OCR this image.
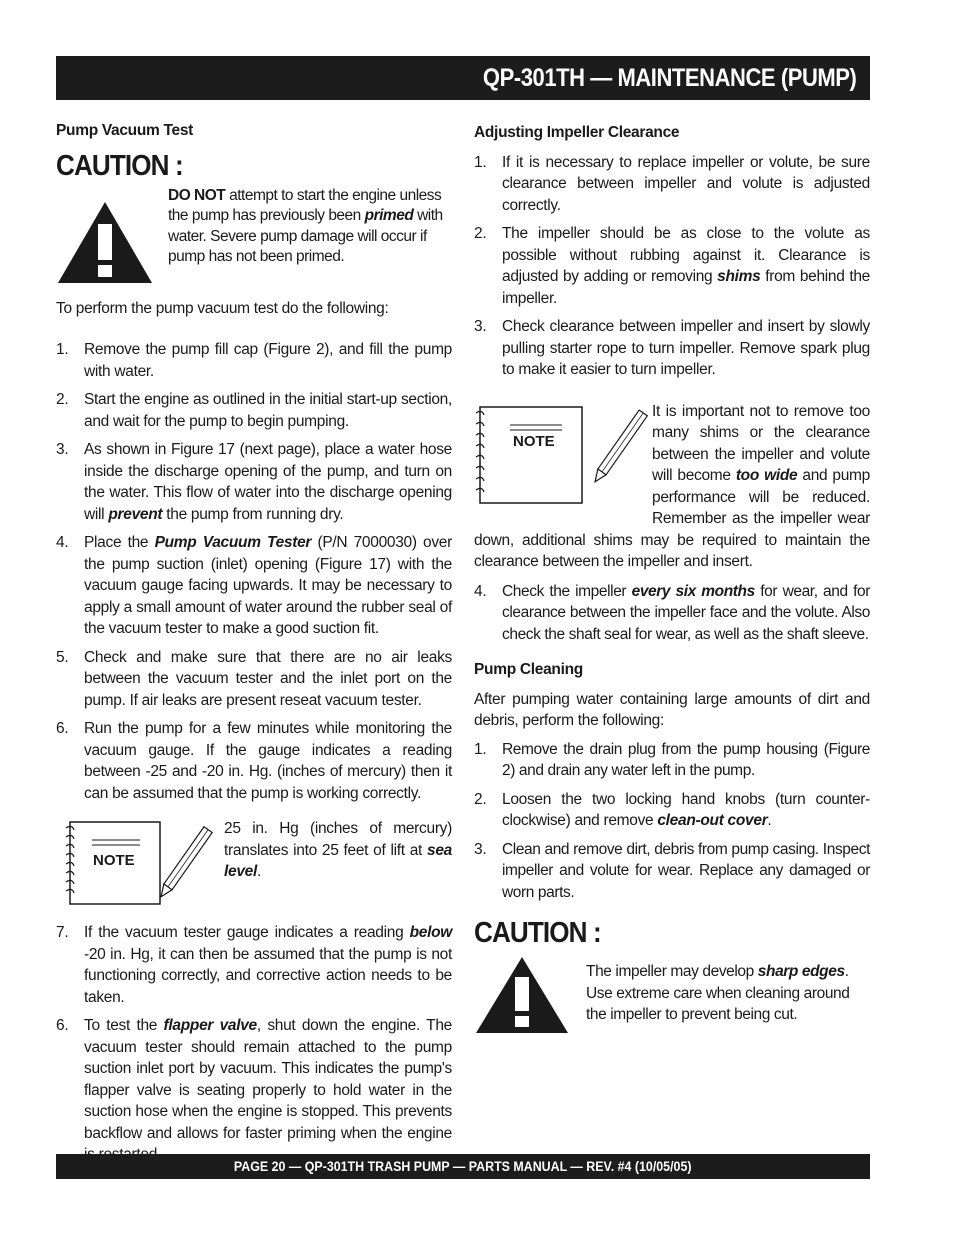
QP-301TH — MAINTENANCE (PUMP)
Pump Vacuum Test
CAUTION :
DO NOT attempt to start the engine unless the pump has previously been primed with water. Severe pump damage will occur if pump has not been primed.
To perform the pump vacuum test do the following:
1.	Remove the pump fill cap (Figure 2), and fill the pump with water.
2.	Start the engine as outlined in the initial start-up section, and wait for the pump to begin pumping.
3.	As shown in Figure 17 (next page), place a water hose inside the discharge opening of the pump, and turn on the water. This flow of water into the discharge opening will prevent the pump from running dry.
4.	Place the Pump Vacuum Tester (P/N 7000030) over the pump suction (inlet) opening (Figure 17) with the vacuum gauge facing upwards. It may be necessary to apply a small amount of water around the rubber seal of the vacuum tester to make a good suction fit.
5.	Check and make sure that there are no air leaks between the vacuum tester and the inlet port on the pump. If air leaks are present reseat vacuum tester.
6.	Run the pump for a few minutes while monitoring the vacuum gauge. If the gauge indicates a reading between -25 and -20 in. Hg. (inches of mercury) then it can be assumed that the pump is working correctly.
NOTE
25 in. Hg (inches of mercury) translates into 25 feet of lift at sea level.
7.	If the vacuum tester gauge indicates a reading below -20 in. Hg, it can then be assumed that the pump is not functioning correctly, and corrective action needs to be taken.
6.	To test the flapper valve, shut down the engine. The vacuum tester should remain attached to the pump suction inlet port by vacuum. This indicates the pump's flapper valve is seating properly to hold water in the suction hose when the engine is stopped. This prevents backflow and allows for faster priming when the engine
Adjusting Impeller Clearance
1.	If it is necessary to replace impeller or volute, be sure clearance between impeller and volute is adjusted correctly.
2.	The impeller should be as close to the volute as possible without rubbing against it. Clearance is adjusted by adding or removing shims from behind the impeller.
3.	Check clearance between impeller and insert by slowly pulling starter rope to turn impeller. Remove spark plug to make it easier to turn impeller.
NOTE
It is important not to remove too many shims or the clearance between the impeller and volute will become too wide and pump performance will be reduced. Remember as the impeller wear down, additional shims may be required to maintain the clearance between the impeller and insert.
4.	Check the impeller every six months for wear, and for clearance between the impeller face and the volute. Also check the shaft seal for wear, as well as the shaft sleeve.
Pump Cleaning
After pumping water containing large amounts of dirt and debris, perform the following:
1.	Remove the drain plug from the pump housing (Figure 2) and drain any water left in the pump.
2.	Loosen the two locking hand knobs (turn counter-clockwise) and remove clean-out cover.
3.	Clean and remove dirt, debris from pump casing. Inspect impeller and volute for wear. Replace any damaged or worn parts.
CAUTION :
The impeller may develop sharp edges. Use extreme care when cleaning around the impeller to prevent being cut.
PAGE 20 — QP-301TH TRASH PUMP — PARTS MANUAL — REV. #4 (10/05/05)
